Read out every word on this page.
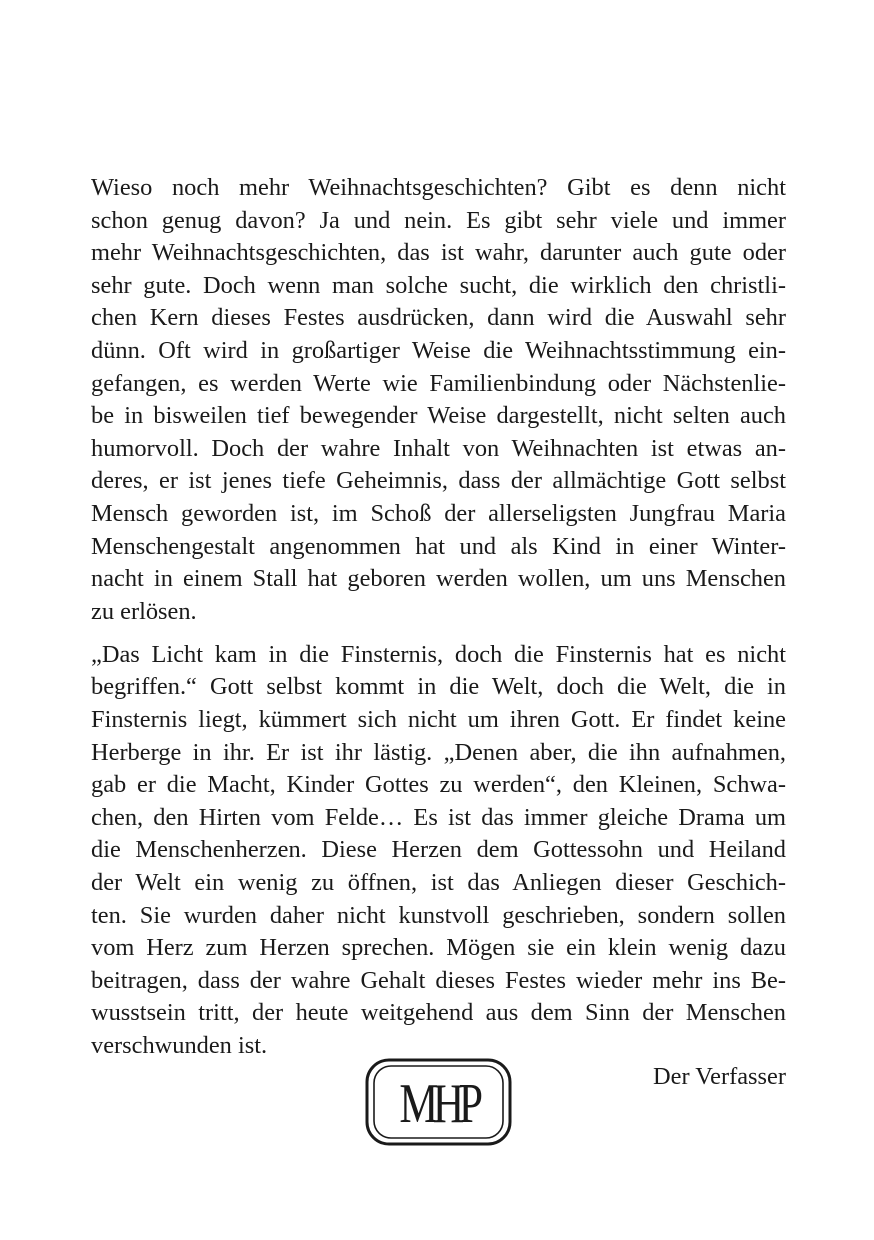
Wieso noch mehr Weihnachtsgeschichten? Gibt es denn nicht

schon genug davon? Ja und nein. Es gibt sehr viele und immer

mehr Weihnachtsgeschichten, das ist wahr, darunter auch gute oder

sehr gute. Doch wenn man solche sucht, die wirklich den christli-

chen Kern dieses Festes ausdrücken, dann wird die Auswahl sehr

dünn. Oft wird in großartiger Weise die Weihnachtsstimmung ein-

gefangen, es werden Werte wie Familienbindung oder Nächstenlie-

be in bisweilen tief bewegender Weise dargestellt, nicht selten auch

humorvoll. Doch der wahre Inhalt von Weihnachten ist etwas an-

deres, er ist jenes tiefe Geheimnis, dass der allmächtige Gott selbst

Mensch geworden ist, im Schoß der allerseligsten Jungfrau Maria

Menschengestalt angenommen hat und als Kind in einer Winter-

nacht in einem Stall hat geboren werden wollen, um uns Menschen

zu erlösen.

„Das Licht kam in die Finsternis, doch die Finsternis hat es nicht

begriffen.“ Gott selbst kommt in die Welt, doch die Welt, die in

Finsternis liegt, kümmert sich nicht um ihren Gott. Er findet keine

Herberge in ihr. Er ist ihr lästig. „Denen aber, die ihn aufnahmen,

gab er die Macht, Kinder Gottes zu werden“, den Kleinen, Schwa-

chen, den Hirten vom Felde… Es ist das immer gleiche Drama um

die Menschenherzen. Diese Herzen dem Gottessohn und Heiland

der Welt ein wenig zu öffnen, ist das Anliegen dieser Geschich-

ten. Sie wurden daher nicht kunstvoll geschrieben, sondern sollen

vom Herz zum Herzen sprechen. Mögen sie ein klein wenig dazu

beitragen, dass der wahre Gehalt dieses Festes wieder mehr ins Be-

wusstsein tritt, der heute weitgehend aus dem Sinn der Menschen

verschwunden ist.

MHP	Der Verfasser
